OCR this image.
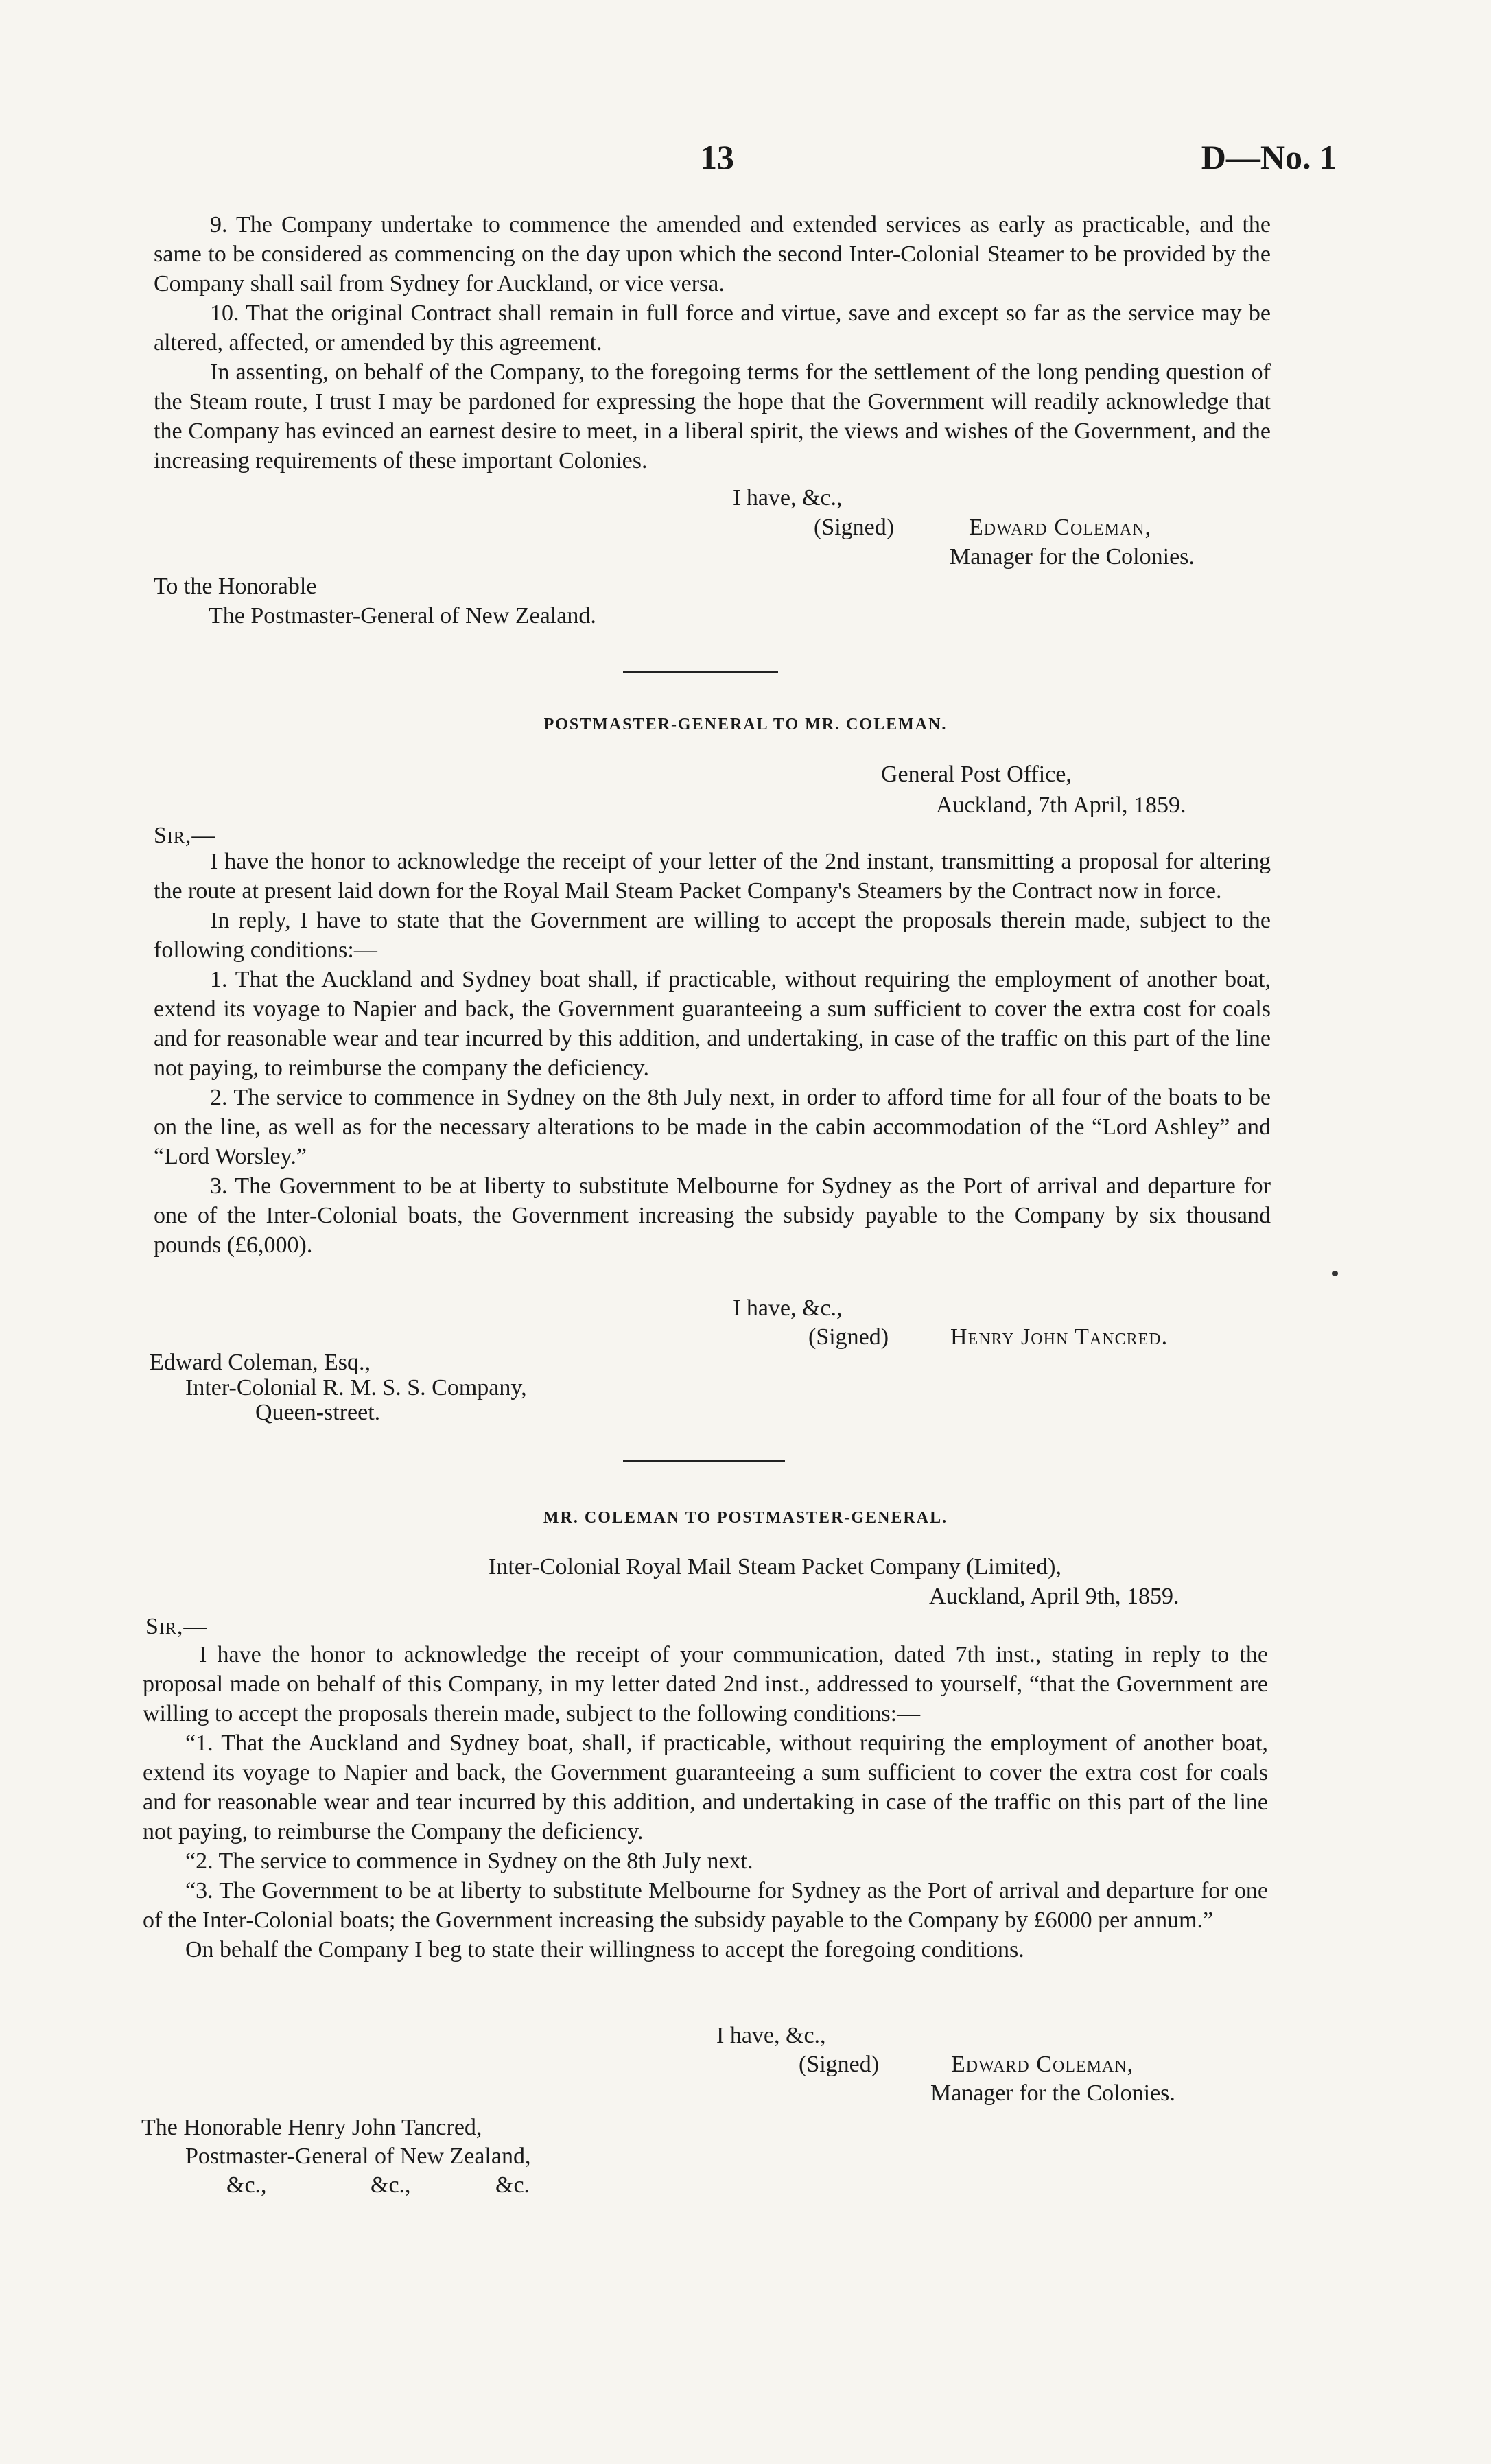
13	D—No. 1

9. The Company undertake to commence the amended and extended services as early as practicable, and the same to be considered as commencing on the day upon which the second Inter-Colonial Steamer to be provided by the Company shall sail from Sydney for Auckland, or vice versa.

10. That the original Contract shall remain in full force and virtue, save and except so far as the service may be altered, affected, or amended by this agreement.

In assenting, on behalf of the Company, to the foregoing terms for the settlement of the long pending question of the Steam route, I trust I may be pardoned for expressing the hope that the Government will readily acknowledge that the Company has evinced an earnest desire to meet, in a liberal spirit, the views and wishes of the Government, and the increasing requirements of these important Colonies.

I have, &c.,
(Signed)	Edward Coleman,
Manager for the Colonies.
To the Honorable
The Postmaster-General of New Zealand.
POSTMASTER-GENERAL TO MR. COLEMAN.
General Post Office,
Auckland, 7th April, 1859.
Sir,—

I have the honor to acknowledge the receipt of your letter of the 2nd instant, transmitting a proposal for altering the route at present laid down for the Royal Mail Steam Packet Company's Steamers by the Contract now in force.

In reply, I have to state that the Government are willing to accept the proposals therein made, subject to the following conditions:—

1. That the Auckland and Sydney boat shall, if practicable, without requiring the employment of another boat, extend its voyage to Napier and back, the Government guaranteeing a sum sufficient to cover the extra cost for coals and for reasonable wear and tear incurred by this addition, and undertaking, in case of the traffic on this part of the line not paying, to reimburse the company the deficiency.

2. The service to commence in Sydney on the 8th July next, in order to afford time for all four of the boats to be on the line, as well as for the necessary alterations to be made in the cabin accommodation of the “Lord Ashley” and “Lord Worsley.”

3. The Government to be at liberty to substitute Melbourne for Sydney as the Port of arrival and departure for one of the Inter-Colonial boats, the Government increasing the subsidy payable to the Company by six thousand pounds (£6,000).

I have, &c.,
(Signed)	Henry John Tancred.
Edward Coleman, Esq.,
Inter-Colonial R. M. S. S. Company,
Queen-street.
MR. COLEMAN TO POSTMASTER-GENERAL.
Inter-Colonial Royal Mail Steam Packet Company (Limited),
Auckland, April 9th, 1859.
Sir,—

I have the honor to acknowledge the receipt of your communication, dated 7th inst., stating in reply to the proposal made on behalf of this Company, in my letter dated 2nd inst., addressed to yourself, “that the Government are willing to accept the proposals therein made, subject to the following conditions:—

“1. That the Auckland and Sydney boat, shall, if practicable, without requiring the employment of another boat, extend its voyage to Napier and back, the Government guaranteeing a sum sufficient to cover the extra cost for coals and for reasonable wear and tear incurred by this addition, and undertaking in case of the traffic on this part of the line not paying, to reimburse the Company the deficiency.

“2. The service to commence in Sydney on the 8th July next.

“3. The Government to be at liberty to substitute Melbourne for Sydney as the Port of arrival and departure for one of the Inter-Colonial boats; the Government increasing the subsidy payable to the Company by £6000 per annum.”

On behalf the Company I beg to state their willingness to accept the foregoing conditions.

I have, &c.,
(Signed)	Edward Coleman,
Manager for the Colonies.
The Honorable Henry John Tancred,
Postmaster-General of New Zealand,
&c.,	&c.,	&c.
